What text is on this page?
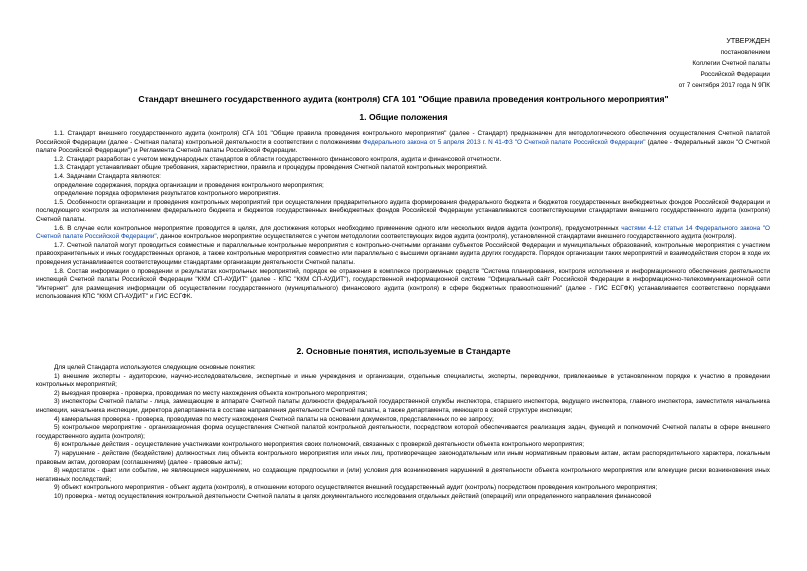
УТВЕРЖДЕН
постановлением
Коллегии Счетной палаты
Российской Федерации
от 7 сентября 2017 года N 9ПК
Стандарт внешнего государственного аудита (контроля) СГА 101 "Общие правила проведения контрольного мероприятия"
1. Общие положения

1.1. Стандарт внешнего государственного аудита (контроля) СГА 101 "Общие правила проведения контрольного мероприятия" (далее - Стандарт) предназначен для методологического обеспечения осуществления Счетной палатой Российской Федерации (далее - Счетная палата) контрольной деятельности в соответствии с положениями Федерального закона от 5 апреля 2013 г. N 41-ФЗ "О Счетной палате Российской Федерации" (далее - Федеральный закон "О Счетной палате Российской Федерации") и Регламента Счетной палаты Российской Федерации.

1.2. Стандарт разработан с учетом международных стандартов в области государственного финансового контроля, аудита и финансовой отчетности.

1.3. Стандарт устанавливает общие требования, характеристики, правила и процедуры проведения Счетной палатой контрольных мероприятий.

1.4. Задачами Стандарта являются:

определение содержания, порядка организации и проведения контрольного мероприятия;

определение порядка оформления результатов контрольного мероприятия.

1.5. Особенности организации и проведения контрольных мероприятий при осуществлении предварительного аудита формирования федерального бюджета и бюджетов государственных внебюджетных фондов Российской Федерации и последующего контроля за исполнением федерального бюджета и бюджетов государственных внебюджетных фондов Российской Федерации устанавливаются соответствующими стандартами внешнего государственного аудита (контроля) Счетной палаты.

1.6. В случае если контрольное мероприятие проводится в целях, для достижения которых необходимо применение одного или нескольких видов аудита (контроля), предусмотренных частями 4-12 статьи 14 Федерального закона "О Счетной палате Российской Федерации", данное контрольное мероприятие осуществляется с учетом методологии соответствующих видов аудита (контроля), установленной стандартами внешнего государственного аудита (контроля).

1.7. Счетной палатой могут проводиться совместные и параллельные контрольные мероприятия с контрольно-счетными органами субъектов Российской Федерации и муниципальных образований, контрольные мероприятия с участием правоохранительных и иных государственных органов, а также контрольные мероприятия совместно или параллельно с высшими органами аудита других государств. Порядок организации таких мероприятий и взаимодействия сторон в ходе их проведения устанавливается соответствующими стандартами организации деятельности Счетной палаты.

1.8. Состав информации о проведении и результатах контрольных мероприятий, порядок ее отражения в комплексе программных средств "Система планирования, контроля исполнения и информационного обеспечения деятельности инспекций Счетной палаты Российской Федерации "ККМ СП-АУДИТ" (далее - КПС "ККМ СП-АУДИТ"), государственной информационной системе "Официальный сайт Российской Федерации в информационно-телекоммуникационной сети "Интернет" для размещения информации об осуществлении государственного (муниципального) финансового аудита (контроля) в сфере бюджетных правоотношений" (далее - ГИС ЕСГФК) устанавливается соответствено порядками использования КПС "ККМ СП-АУДИТ" и ГИС ЕСГФК.

2. Основные понятия, используемые в Стандарте

Для целей Стандарта используются следующие основные понятия:

1) внешние эксперты - аудиторские, научно-исследовательские, экспертные и иные учреждения и организации, отдельные специалисты, эксперты, переводчики, привлекаемые в установленном порядке к участию в проведении контрольных мероприятий;

2) выездная проверка - проверка, проводимая по месту нахождения объекта контрольного мероприятия;

3) инспекторы Счетной палаты - лица, замещающие в аппарате Счетной палаты должности федеральной государственной службы инспектора, старшего инспектора, ведущего инспектора, главного инспектора, заместителя начальника инспекции, начальника инспекции, директора департамента в составе направления деятельности Счетной палаты, а также департамента, имеющего в своей структуре инспекции;

4) камеральная проверка - проверка, проводимая по месту нахождения Счетной палаты на основании документов, представленных по ее запросу;

5) контрольное мероприятие - организационная форма осуществления Счетной палатой контрольной деятельности, посредством которой обеспечивается реализация задач, функций и полномочий Счетной палаты в сфере внешнего государственного аудита (контроля);

6) контрольные действия - осуществление участниками контрольного мероприятия своих полномочий, связанных с проверкой деятельности объекта контрольного мероприятия;

7) нарушение - действие (бездействие) должностных лиц объекта контрольного мероприятия или иных лиц, противоречащее законодательным или иным нормативным правовым актам, актам распорядительного характера, локальным правовым актам, договорам (соглашениям) (далее - правовые акты);

8) недостаток - факт или событие, не являющиеся нарушением, но создающие предпосылки и (или) условия для возникновения нарушений в деятельности объекта контрольного мероприятия или влекущие риски возникновения иных негативных последствий;

9) объект контрольного мероприятия - объект аудита (контроля), в отношении которого осуществляется внешний государственный аудит (контроль) посредством проведения контрольного мероприятия;

10) проверка - метод осуществления контрольной деятельности Счетной палаты в целях документального исследования отдельных действий (операций) или определенного направления финансовой
